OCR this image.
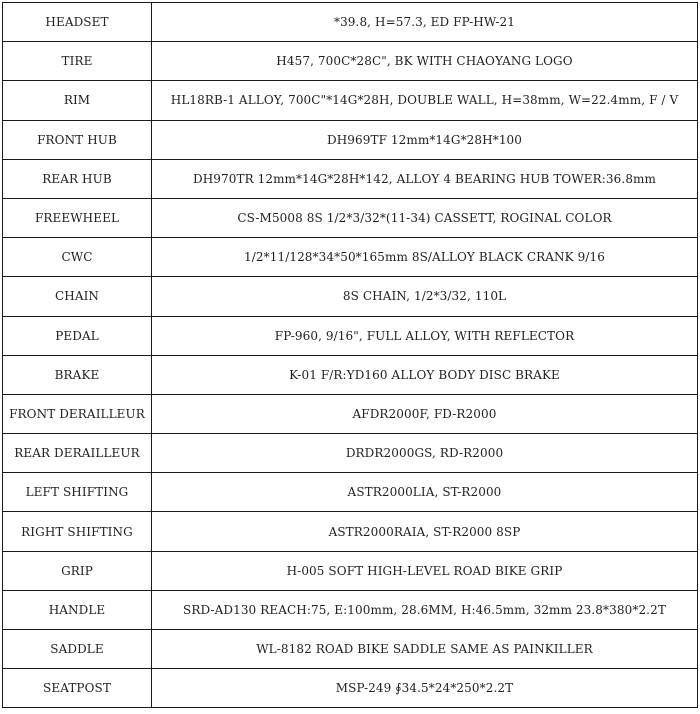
HEADSET	*39.8, H=57.3, ED FP-HW-21
TIRE	H457, 700C*28C", BK WITH CHAOYANG LOGO
RIM	HL18RB-1 ALLOY, 700C"*14G*28H, DOUBLE WALL, H=38mm, W=22.4mm, F / V
FRONT HUB	DH969TF 12mm*14G*28H*100
REAR HUB	DH970TR 12mm*14G*28H*142, ALLOY 4 BEARING HUB TOWER:36.8mm
FREEWHEEL	CS-M5008 8S 1/2*3/32*(11-34) CASSETT, ROGINAL COLOR
CWC	1/2*11/128*34*50*165mm 8S/ALLOY BLACK CRANK 9/16
CHAIN	8S CHAIN, 1/2*3/32, 110L
PEDAL	FP-960, 9/16", FULL ALLOY, WITH REFLECTOR
BRAKE	K-01 F/R:YD160 ALLOY BODY DISC BRAKE
FRONT DERAILLEUR	AFDR2000F, FD-R2000
REAR DERAILLEUR	DRDR2000GS, RD-R2000
LEFT SHIFTING	ASTR2000LIA, ST-R2000
RIGHT SHIFTING	ASTR2000RAIA, ST-R2000 8SP
GRIP	H-005 SOFT HIGH-LEVEL ROAD BIKE GRIP
HANDLE	SRD-AD130 REACH:75, E:100mm, 28.6MM, H:46.5mm, 32mm 23.8*380*2.2T
SADDLE	WL-8182 ROAD BIKE SADDLE SAME AS PAINKILLER
SEATPOST	MSP-249 ∮34.5*24*250*2.2T
